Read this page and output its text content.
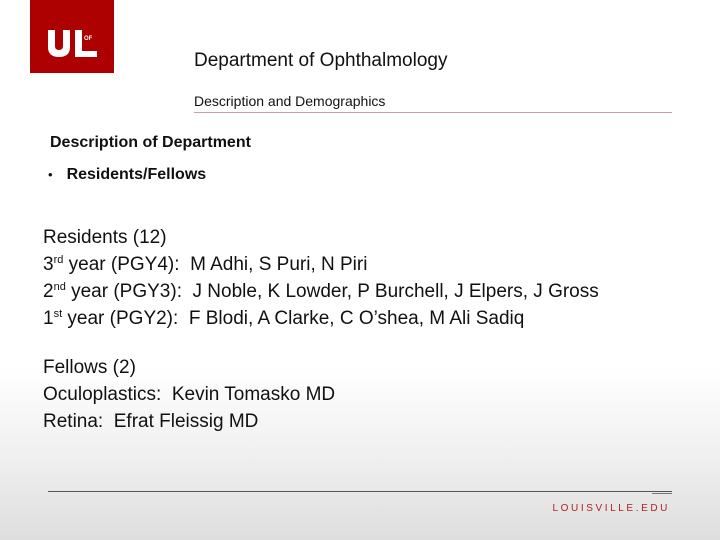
OF
Department of Ophthalmology
Description and Demographics
Description of Department
• Residents/Fellows
Residents (12)
3rd year (PGY4):  M Adhi, S Puri, N Piri
2nd year (PGY3):  J Noble, K Lowder, P Burchell, J Elpers, J Gross
1st year (PGY2):  F Blodi, A Clarke, C O’shea, M Ali Sadiq
Fellows (2)
Oculoplastics:  Kevin Tomasko MD
Retina:  Efrat Fleissig MD
LOUISVILLE.EDU
